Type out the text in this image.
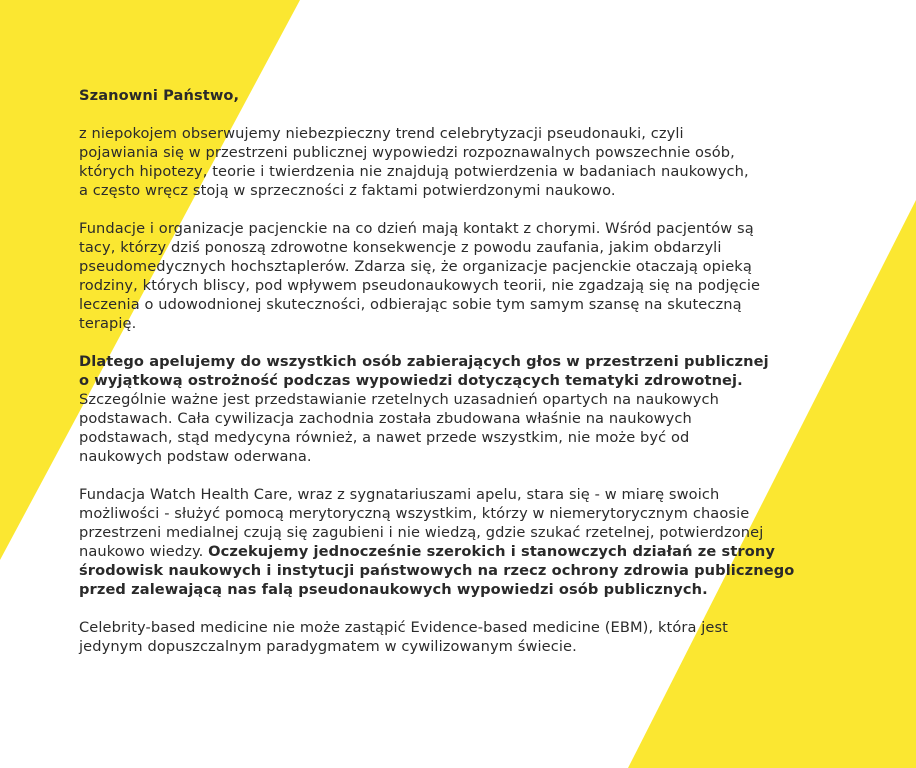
Szanowni Państwo,
z niepokojem obserwujemy niebezpieczny trend celebrytyzacji pseudonauki, czyli
pojawiania się w przestrzeni publicznej wypowiedzi rozpoznawalnych powszechnie osób,
których hipotezy, teorie i twierdzenia nie znajdują potwierdzenia w badaniach naukowych,
a często wręcz stoją w sprzeczności z faktami potwierdzonymi naukowo.
Fundacje i organizacje pacjenckie na co dzień mają kontakt z chorymi. Wśród pacjentów są
tacy, którzy dziś ponoszą zdrowotne konsekwencje z powodu zaufania, jakim obdarzyli
pseudomedycznych hochsztaplerów. Zdarza się, że organizacje pacjenckie otaczają opieką
rodziny, których bliscy, pod wpływem pseudonaukowych teorii, nie zgadzają się na podjęcie
leczenia o udowodnionej skuteczności, odbierając sobie tym samym szansę na skuteczną
terapię.
Dlatego apelujemy do wszystkich osób zabierających głos w przestrzeni publicznej
o wyjątkową ostrożność podczas wypowiedzi dotyczących tematyki zdrowotnej.
Szczególnie ważne jest przedstawianie rzetelnych uzasadnień opartych na naukowych
podstawach. Cała cywilizacja zachodnia została zbudowana właśnie na naukowych
podstawach, stąd medycyna również, a nawet przede wszystkim, nie może być od
naukowych podstaw oderwana.
Fundacja Watch Health Care, wraz z sygnatariuszami apelu, stara się - w miarę swoich
możliwości - służyć pomocą merytoryczną wszystkim, którzy w niemerytorycznym chaosie
przestrzeni medialnej czują się zagubieni i nie wiedzą, gdzie szukać rzetelnej, potwierdzonej
naukowo wiedzy. Oczekujemy jednocześnie szerokich i stanowczych działań ze strony
środowisk naukowych i instytucji państwowych na rzecz ochrony zdrowia publicznego
przed zalewającą nas falą pseudonaukowych wypowiedzi osób publicznych.
Celebrity-based medicine nie może zastąpić Evidence-based medicine (EBM), która jest
jedynym dopuszczalnym paradygmatem w cywilizowanym świecie.
